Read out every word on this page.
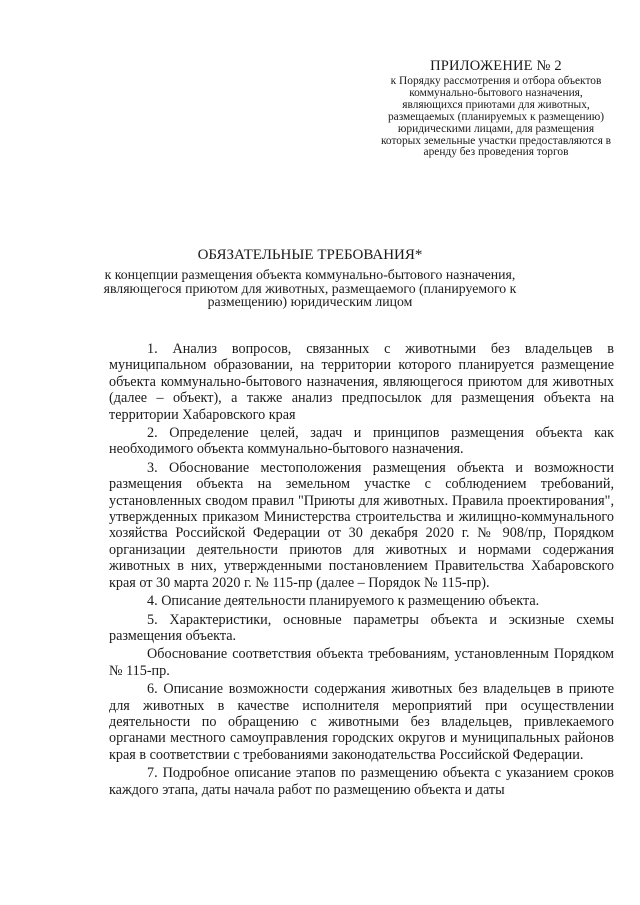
ПРИЛОЖЕНИЕ № 2
к Порядку рассмотрения и отбора объектов коммунально-бытового назначения, являющихся приютами для животных, размещаемых (планируемых к размещению) юридическими лицами, для размещения которых земельные участки предоставляются в аренду без проведения торгов
ОБЯЗАТЕЛЬНЫЕ ТРЕБОВАНИЯ*
к концепции размещения объекта коммунально-бытового назначения, являющегося приютом для животных, размещаемого (планируемого к размещению) юридическим лицом

1. Анализ вопросов, связанных с животными без владельцев в муниципальном образовании, на территории которого планируется размещение объекта коммунально-бытового назначения, являющегося приютом для животных (далее – объект), а также анализ предпосылок для размещения объекта на территории Хабаровского края

2. Определение целей, задач и принципов размещения объекта как необходимого объекта коммунально-бытового назначения.

3. Обоснование местоположения размещения объекта и возможности размещения объекта на земельном участке с соблюдением требований, установленных сводом правил "Приюты для животных. Правила проектирования", утвержденных приказом Министерства строительства и жилищно-коммунального хозяйства Российской Федерации от 30 декабря 2020 г. № 908/пр, Порядком организации деятельности приютов для животных и нормами содержания животных в них, утвержденными постановлением Правительства Хабаровского края от 30 марта 2020 г. № 115-пр (далее – Порядок № 115-пр).

4. Описание деятельности планируемого к размещению объекта.

5. Характеристики, основные параметры объекта и эскизные схемы размещения объекта.

Обоснование соответствия объекта требованиям, установленным Порядком № 115-пр.

6. Описание возможности содержания животных без владельцев в приюте для животных в качестве исполнителя мероприятий при осуществлении деятельности по обращению с животными без владельцев, привлекаемого органами местного самоуправления городских округов и муниципальных районов края в соответствии с требованиями законодательства Российской Федерации.

7. Подробное описание этапов по размещению объекта с указанием сроков каждого этапа, даты начала работ по размещению объекта и даты
